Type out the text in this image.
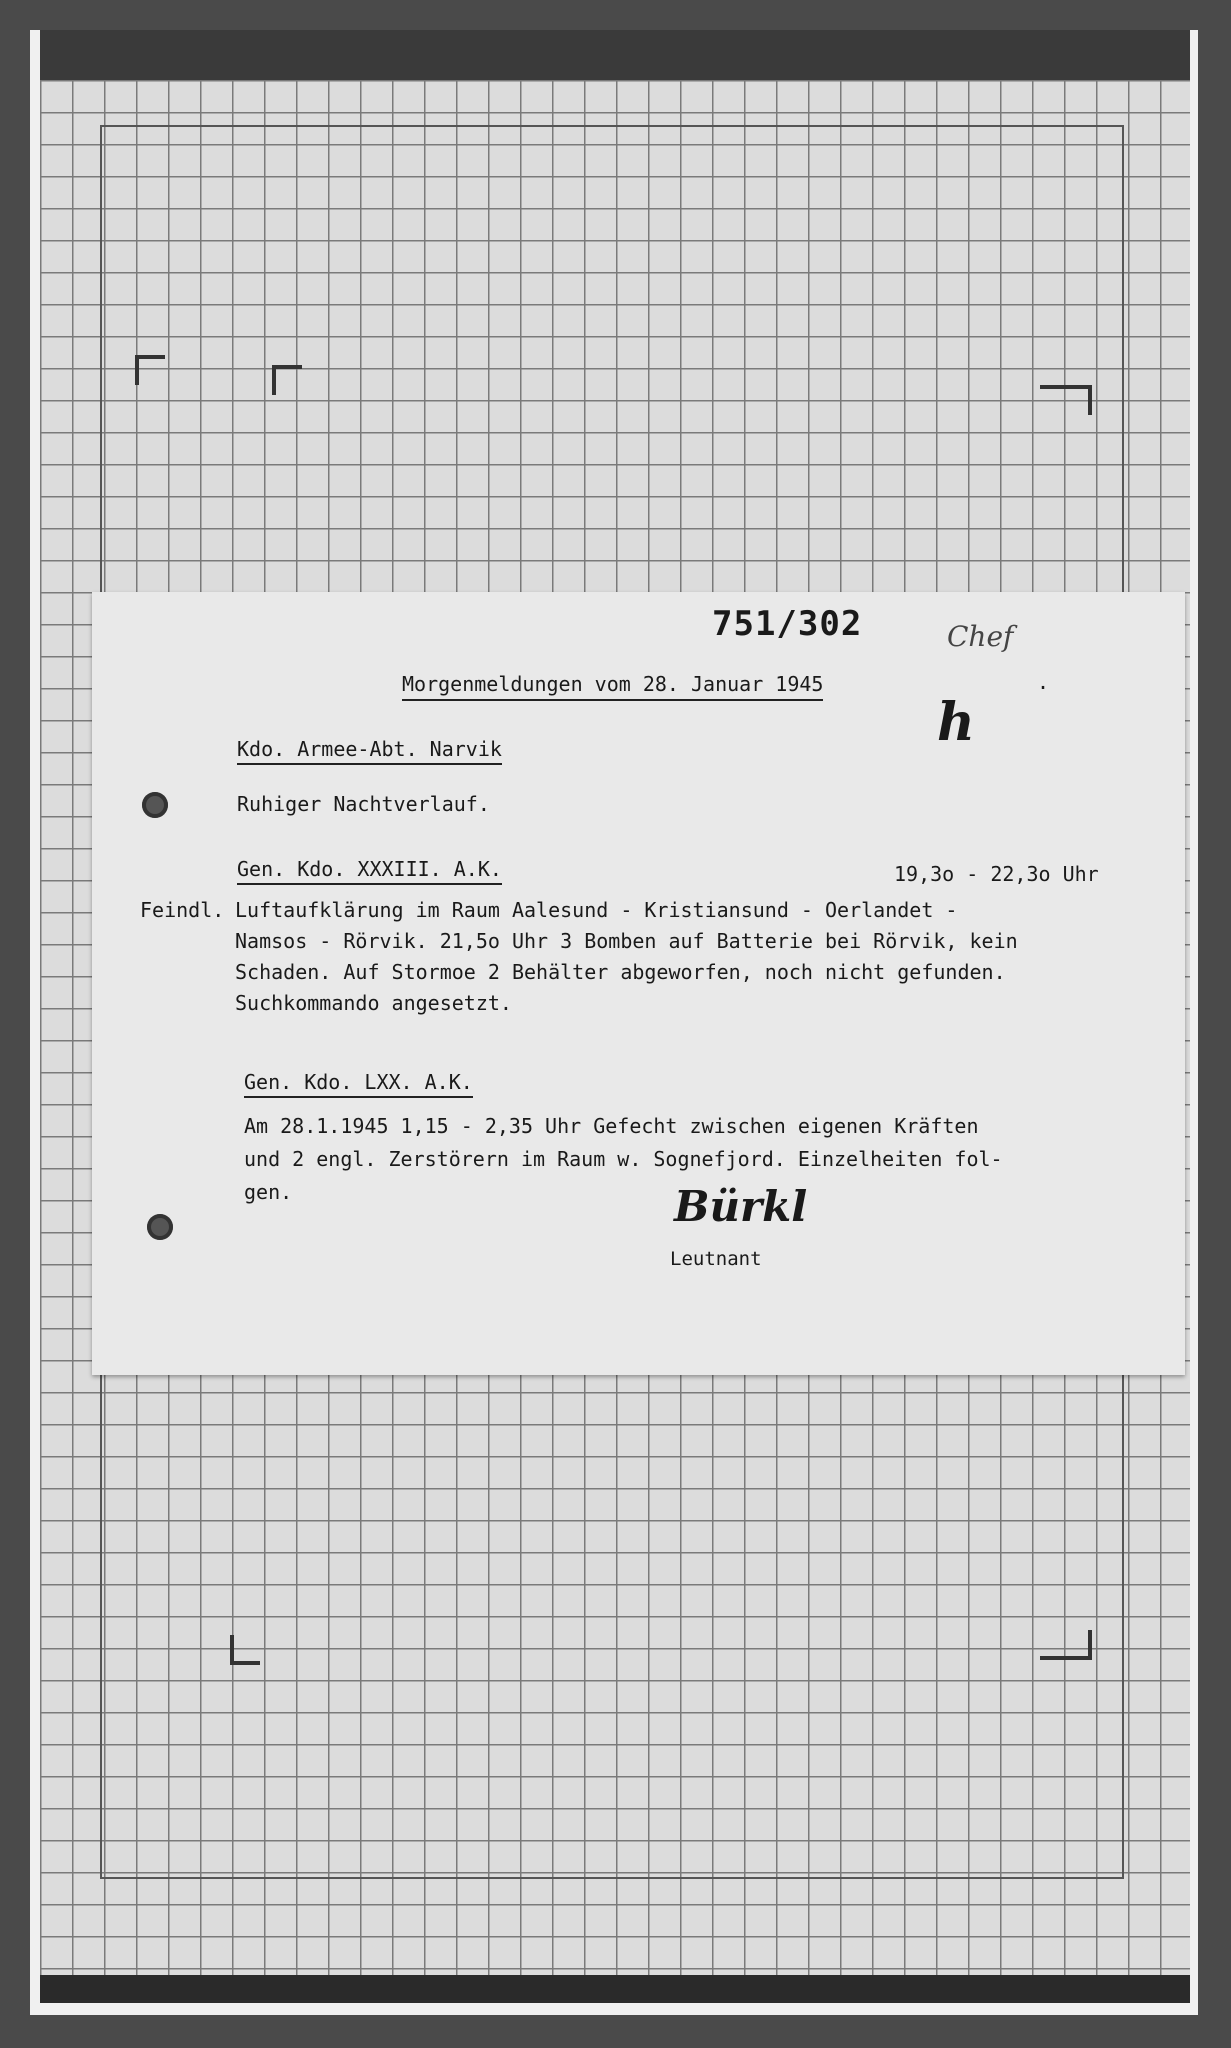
751/302	Chef
.
Morgenmeldungen vom 28. Januar 1945
h
Kdo. Armee-Abt. Narvik
Ruhiger Nachtverlauf.
Gen. Kdo. XXXIII. A.K.	19,3o - 22,3o Uhr
Feindl. Luftaufklärung im Raum Aalesund - Kristiansund - Oerlandet -
Namsos - Rörvik. 21,5o Uhr 3 Bomben auf Batterie bei Rörvik, kein
Schaden. Auf Stormoe 2 Behälter abgeworfen, noch nicht gefunden.
Suchkommando angesetzt.
Gen. Kdo. LXX. A.K.
Am 28.1.1945 1,15 - 2,35 Uhr Gefecht zwischen eigenen Kräften
und 2 engl. Zerstörern im Raum w. Sognefjord. Einzelheiten fol-
gen.	Bürkl
Leutnant
